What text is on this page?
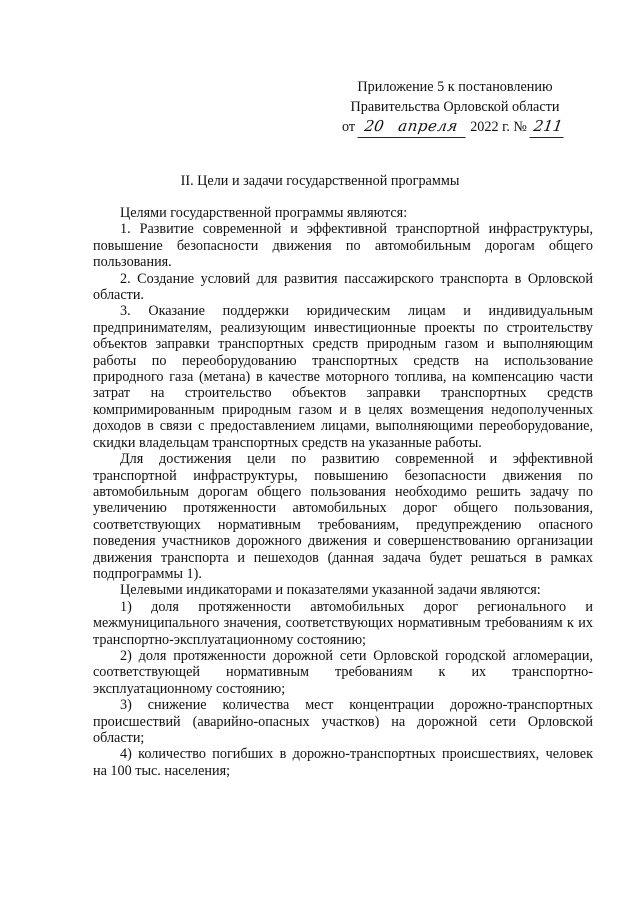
Приложение 5 к постановлению
Правительства Орловской области
от 20 апреля 2022 г. № 211
II. Цели и задачи государственной программы

Целями государственной программы являются:

1. Развитие современной и эффективной транспортной инфраструктуры, повышение безопасности движения по автомобильным дорогам общего пользования.

2. Создание условий для развития пассажирского транспорта в Орловской области.

3. Оказание поддержки юридическим лицам и индивидуальным предпринимателям, реализующим инвестиционные проекты по строительству объектов заправки транспортных средств природным газом и выполняющим работы по переоборудованию транспортных средств на использование природного газа (метана) в качестве моторного топлива, на компенсацию части затрат на строительство объектов заправки транспортных средств компримированным природным газом и в целях возмещения недополученных доходов в связи с предоставлением лицами, выполняющими переоборудование, скидки владельцам транспортных средств на указанные работы.

Для достижения цели по развитию современной и эффективной транспортной инфраструктуры, повышению безопасности движения по автомобильным дорогам общего пользования необходимо решить задачу по увеличению протяженности автомобильных дорог общего пользования, соответствующих нормативным требованиям, предупреждению опасного поведения участников дорожного движения и совершенствованию организации движения транспорта и пешеходов (данная задача будет решаться в рамках подпрограммы 1).

Целевыми индикаторами и показателями указанной задачи являются:

1) доля протяженности автомобильных дорог регионального и межмуниципального значения, соответствующих нормативным требованиям к их транспортно-эксплуатационному состоянию;

2) доля протяженности дорожной сети Орловской городской агломерации, соответствующей нормативным требованиям к их транспортно-эксплуатационному состоянию;

3) снижение количества мест концентрации дорожно-транспортных происшествий (аварийно-опасных участков) на дорожной сети Орловской области;

4) количество погибших в дорожно-транспортных происшествиях, человек на 100 тыс. населения;
